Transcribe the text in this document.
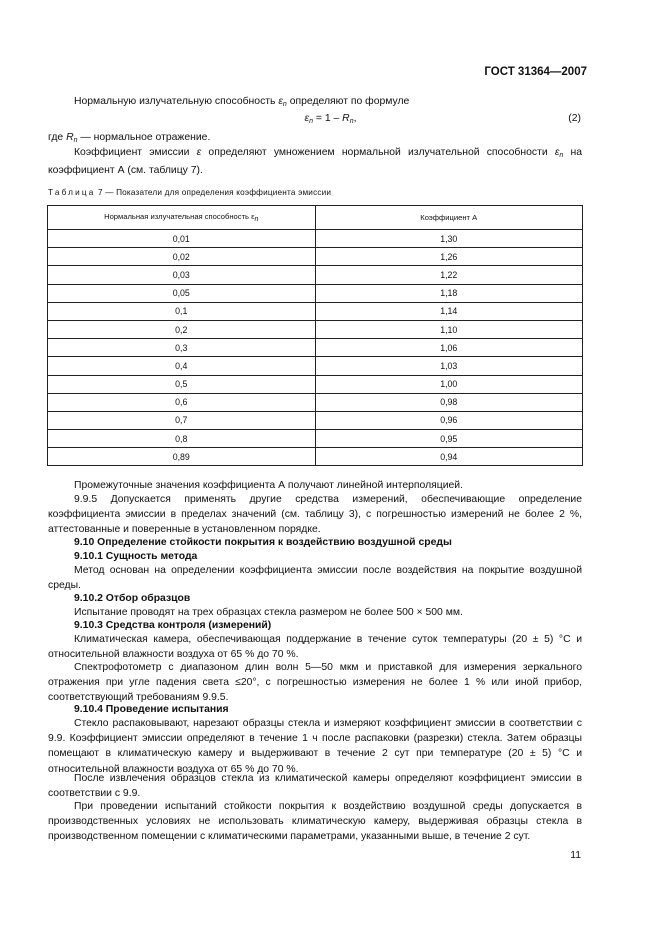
ГОСТ 31364—2007
Нормальную излучательную способность $\varepsilon_n$ определяют по формуле
$\varepsilon_n = 1 - R_n$,	(2)
где $R_n$ — нормальное отражение.
Коэффициент эмиссии ε определяют умножением нормальной излучательной способности $\varepsilon_n$ на коэффициент А (см. таблицу 7).
Таблица 7 — Показатели для определения коэффициента эмиссии
Нормальная излучательная способность εn	Коэффициент А
0,01	1,30
0,02	1,26
0,03	1,22
0,05	1,18
0,1	1,14
0,2	1,10
0,3	1,06
0,4	1,03
0,5	1,00
0,6	0,98
0,7	0,96
0,8	0,95
0,89	0,94
Промежуточные значения коэффициента А получают линейной интерполяцией.
9.9.5 Допускается применять другие средства измерений, обеспечивающие определение коэффициента эмиссии в пределах значений (см. таблицу 3), с погрешностью измерений не более 2 %, аттестованные и поверенные в установленном порядке.
9.10 Определение стойкости покрытия к воздействию воздушной среды
9.10.1 Сущность метода
Метод основан на определении коэффициента эмиссии после воздействия на покрытие воздушной среды.
9.10.2 Отбор образцов
Испытание проводят на трех образцах стекла размером не более 500 × 500 мм.
9.10.3 Средства контроля (измерений)
Климатическая камера, обеспечивающая поддержание в течение суток температуры (20 ± 5) °С и относительной влажности воздуха от 65 % до 70 %.
Спектрофотометр с диапазоном длин волн 5—50 мкм и приставкой для измерения зеркального отражения при угле падения света ≤20°, с погрешностью измерения не более 1 % или иной прибор, соответствующий требованиям 9.9.5.
9.10.4 Проведение испытания
Стекло распаковывают, нарезают образцы стекла и измеряют коэффициент эмиссии в соответствии с 9.9. Коэффициент эмиссии определяют в течение 1 ч после распаковки (разрезки) стекла. Затем образцы помещают в климатическую камеру и выдерживают в течение 2 сут при температуре (20 ± 5) °С и относительной влажности воздуха от 65 % до 70 %.
После извлечения образцов стекла из климатической камеры определяют коэффициент эмиссии в соответствии с 9.9.
При проведении испытаний стойкости покрытия к воздействию воздушной среды допускается в производственных условиях не использовать климатическую камеру, выдерживая образцы стекла в производственном помещении с климатическими параметрами, указанными выше, в течение 2 сут.
11
